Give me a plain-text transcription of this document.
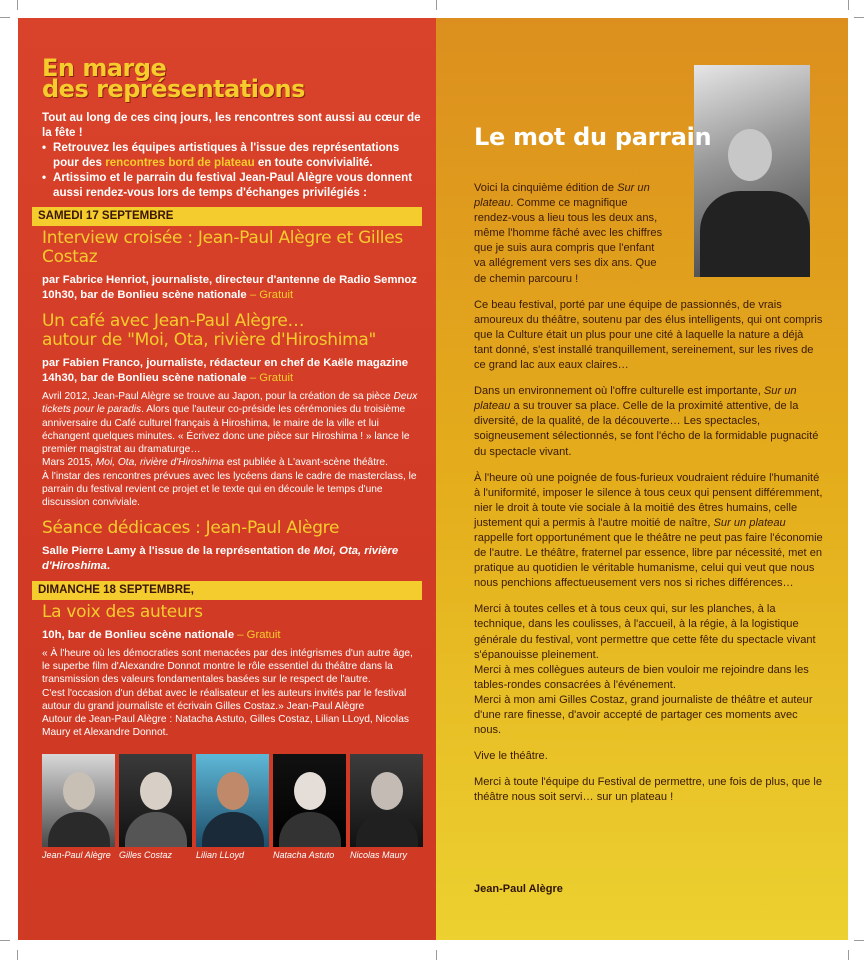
En marge
des représentations
Tout au long de ces cinq jours, les rencontres sont aussi au cœur de la fête !
• Retrouvez les équipes artistiques à l'issue des représentations pour des rencontres bord de plateau en toute convivialité.
• Artissimo et le parrain du festival Jean-Paul Alègre vous donnent aussi rendez-vous lors de temps d'échanges privilégiés :
SAMEDI 17 SEPTEMBRE
Interview croisée : Jean-Paul Alègre et Gilles Costaz
par Fabrice Henriot, journaliste, directeur d'antenne de Radio Semnoz
10h30, bar de Bonlieu scène nationale – Gratuit
Un café avec Jean-Paul Alègre…
autour de "Moi, Ota, rivière d'Hiroshima"
par Fabien Franco, journaliste, rédacteur en chef de Kaële magazine
14h30, bar de Bonlieu scène nationale – Gratuit
Avril 2012, Jean-Paul Alègre se trouve au Japon, pour la création de sa pièce Deux tickets pour le paradis. Alors que l'auteur co-préside les cérémonies du troisième anniversaire du Café culturel français à Hiroshima, le maire de la ville et lui échangent quelques minutes. « Écrivez donc une pièce sur Hiroshima ! » lance le premier magistrat au dramaturge…
Mars 2015, Moi, Ota, rivière d'Hiroshima est publiée à L'avant-scène théâtre.
À l'instar des rencontres prévues avec les lycéens dans le cadre de masterclass, le parrain du festival revient ce projet et le texte qui en découle le temps d'une discussion conviviale.
Séance dédicaces : Jean-Paul Alègre
Salle Pierre Lamy à l'issue de la représentation de Moi, Ota, rivière d'Hiroshima.
DIMANCHE 18 SEPTEMBRE,
La voix des auteurs
10h, bar de Bonlieu scène nationale – Gratuit
« À l'heure où les démocraties sont menacées par des intégrismes d'un autre âge, le superbe film d'Alexandre Donnot montre le rôle essentiel du théâtre dans la transmission des valeurs fondamentales basées sur le respect de l'autre.
C'est l'occasion d'un débat avec le réalisateur et les auteurs invités par le festival autour du grand journaliste et écrivain Gilles Costaz.» Jean-Paul Alègre
Autour de Jean-Paul Alègre : Natacha Astuto, Gilles Costaz, Lilian LLoyd, Nicolas Maury et Alexandre Donnot.
Jean-Paul Alègre Gilles Costaz	Lilian LLoyd	Natacha Astuto	Nicolas Maury
Le mot du parrain

Voici la cinquième édition de Sur un plateau. Comme ce magnifique rendez-vous a lieu tous les deux ans, même l'homme fâché avec les chiffres que je suis aura compris que l'enfant va allégrement vers ses dix ans. Que de chemin parcouru !

Ce beau festival, porté par une équipe de passionnés, de vrais amoureux du théâtre, soutenu par des élus intelligents, qui ont compris que la Culture était un plus pour une cité à laquelle la nature a déjà tant donné, s'est installé tranquillement, sereinement, sur les rives de ce grand lac aux eaux claires…

Dans un environnement où l'offre culturelle est importante, Sur un plateau a su trouver sa place. Celle de la proximité attentive, de la diversité, de la qualité, de la découverte… Les spectacles, soigneusement sélectionnés, se font l'écho de la formidable pugnacité du spectacle vivant.

À l'heure où une poignée de fous-furieux voudraient réduire l'humanité à l'uniformité, imposer le silence à tous ceux qui pensent différemment, nier le droit à toute vie sociale à la moitié des êtres humains, celle justement qui a permis à l'autre moitié de naître, Sur un plateau rappelle fort opportunément que le théâtre ne peut pas faire l'économie de l'autre. Le théâtre, fraternel par essence, libre par nécessité, met en pratique au quotidien le véritable humanisme, celui qui veut que nous nous penchions affectueusement vers nos si riches différences…

Merci à toutes celles et à tous ceux qui, sur les planches, à la technique, dans les coulisses, à l'accueil, à la régie, à la logistique générale du festival, vont permettre que cette fête du spectacle vivant s'épanouisse pleinement.
Merci à mes collègues auteurs de bien vouloir me rejoindre dans les tables-rondes consacrées à l'événement.
Merci à mon ami Gilles Costaz, grand journaliste de théâtre et auteur d'une rare finesse, d'avoir accepté de partager ces moments avec nous.

Vive le théâtre.

Merci à toute l'équipe du Festival de permettre, une fois de plus, que le théâtre nous soit servi… sur un plateau !

Jean-Paul Alègre
